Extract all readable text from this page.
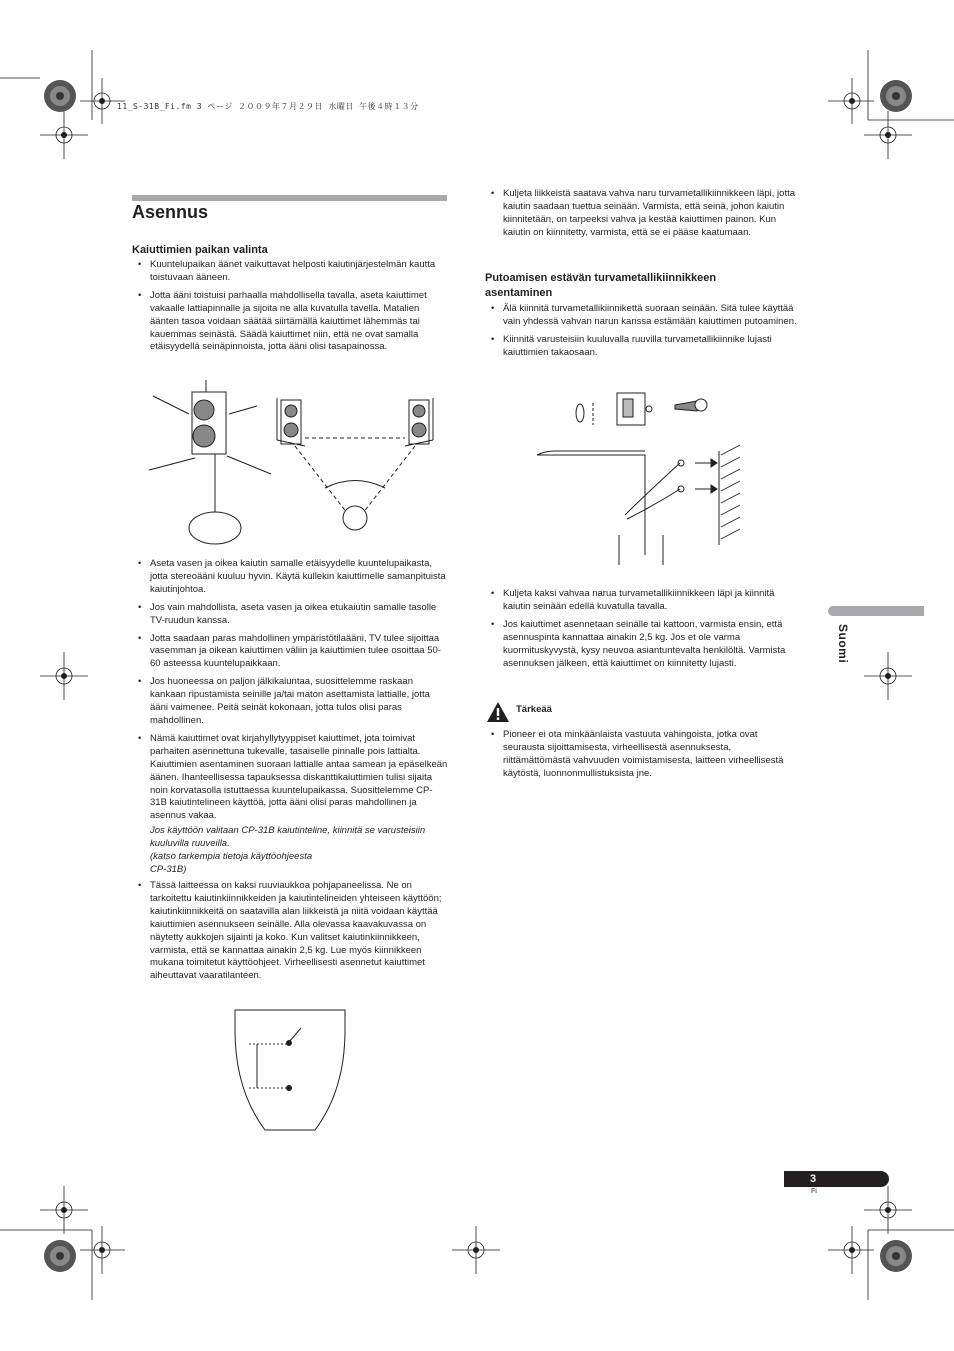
11_S-31B_Fi.fm 3 ページ ２００９年７月２９日 水曜日 午後４時１３分
Asennus
Kaiuttimien paikan valinta
• Kuuntelupaikan äänet vaikuttavat helposti kaiutinjärjestelmän kautta toistuvaan ääneen.
• Jotta ääni toistuisi parhaalla mahdollisella tavalla, aseta kaiuttimet vakaalle lattiapinnalle ja sijoita ne alla kuvatulla tavella. Matalien äänten tasoa voidaan säätää siirtämällä kaiuttimet lähemmäs tai kauemmas seinästä. Säädä kaiuttimet niin, että ne ovat samalla etäisyydellä seinäpinnoista, jotta ääni olisi tasapainossa.
• Aseta vasen ja oikea kaiutin samalle etäisyydelle kuuntelupaikasta, jotta stereoääni kuuluu hyvin. Käytä kullekin kaiuttimelle samanpituista kaiutinjohtoa.
• Jos vain mahdollista, aseta vasen ja oikea etukaiutin samalle tasolle TV-ruudun kanssa.
• Jotta saadaan paras mahdollinen ympäristötilaääni, TV tulee sijoittaa vasemman ja oikean kaiuttimen väliin ja kaiuttimien tulee osoittaa 50-60 asteessa kuuntelupaikkaan.
• Jos huoneessa on paljon jälkikaiuntaa, suosittelemme raskaan kankaan ripustamista seinille ja/tai maton asettamista lattialle, jotta ääni vaimenee. Peitä seinät kokonaan, jotta tulos olisi paras mahdollinen.
• Nämä kaiuttimet ovat kirjahyllytyyppiset kaiuttimet, jota toimivat parhaiten asennettuna tukevalle, tasaiselle pinnalle pois lattialta. Kaiuttimien asentaminen suoraan lattialle antaa samean ja epäselkeän äänen. Ihanteellisessa tapauksessa diskanttikaiuttimien tulisi sijaita noin korvatasolla istuttaessa kuuntelupaikassa. Suosittelemme CP-31B kaiutintelineen käyttöä, jotta ääni olisi paras mahdollinen ja asennus vakaa.
Jos käyttöön valitaan CP-31B kaiutinteline, kiinnitä se varusteisiin kuuluvilla ruuveilla.
(katso tarkempia tietoja käyttöohjeesta
CP-31B)
• Tässä laitteessa on kaksi ruuviaukkoa pohjapaneelissa. Ne on tarkoitettu kaiutinkiinnikkeiden ja kaiutintelineiden yhteiseen käyttöön; kaiutinkiinnikkeitä on saatavilla alan liikkeistä ja niitä voidaan käyttää kaiuttimien asennukseen seinälle. Alla olevassa kaavakuvassa on näytetty aukkojen sijainti ja koko. Kun valitset kaiutinkiinnikkeen, varmista, että se kannattaa ainakin 2,5 kg. Lue myös kiinnikkeen mukana toimitetut käyttöohjeet. Virheellisesti asennetut kaiuttimet aiheuttavat vaaratilanteen.
• Kuljeta liikkeistä saatava vahva naru turvametallikiinnikkeen läpi, jotta kaiutin saadaan tuettua seinään. Varmista, että seinä, johon kaiutin kiinnitetään, on tarpeeksi vahva ja kestää kaiuttimen painon. Kun kaiutin on kiinnitetty, varmista, että se ei pääse kaatumaan.
Putoamisen estävän turvametallikiinnikkeen asentaminen
• Älä kiinnitä turvametallikiinnikettä suoraan seinään. Sitä tulee käyttää vain yhdessä vahvan narun kanssa estämään kaiuttimen putoaminen.
• Kiinnitä varusteisiin kuuluvalla ruuvilla turvametallikiinnike lujasti kaiuttimien takaosaan.
• Kuljeta kaksi vahvaa narua turvametallikiinnikkeen läpi ja kiinnitä kaiutin seinään edellä kuvatulla tavalla.
• Jos kaiuttimet asennetaan seinälle tai kattoon, varmista ensin, että asennuspinta kannattaa ainakin 2,5 kg. Jos et ole varma kuormituskyvystä, kysy neuvoa asiantuntevalta henkilöltä. Varmista asennuksen jälkeen, että kaiuttimet on kiinnitetty lujasti.
Tärkeää
• Pioneer ei ota minkäänlaista vastuuta vahingoista, jotka ovat seurausta sijoittamisesta, virheellisestä asennuksesta, riittämättömästä vahvuuden voimistamisesta, laitteen virheellisestä käytöstä, luonnonmullistuksista jne.
Suomi
3
Fi
